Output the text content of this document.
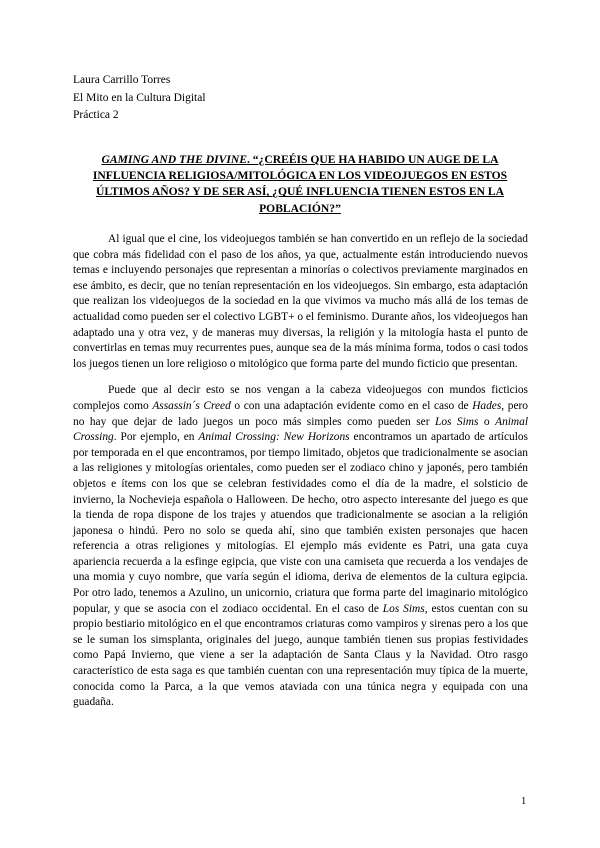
Laura Carrillo Torres
El Mito en la Cultura Digital
Práctica 2
GAMING AND THE DIVINE. “¿CREÉIS QUE HA HABIDO UN AUGE DE LA INFLUENCIA RELIGIOSA/MITOLÓGICA EN LOS VIDEOJUEGOS EN ESTOS ÚLTIMOS AÑOS? Y DE SER ASÍ, ¿QUÉ INFLUENCIA TIENEN ESTOS EN LA POBLACIÓN?”

Al igual que el cine, los videojuegos también se han convertido en un reflejo de la sociedad que cobra más fidelidad con el paso de los años, ya que, actualmente están introduciendo nuevos temas e incluyendo personajes que representan a minorías o colectivos previamente marginados en ese ámbito, es decir, que no tenían representación en los videojuegos. Sin embargo, esta adaptación que realizan los videojuegos de la sociedad en la que vivimos va mucho más allá de los temas de actualidad como pueden ser el colectivo LGBT+ o el feminismo. Durante años, los videojuegos han adaptado una y otra vez, y de maneras muy diversas, la religión y la mitología hasta el punto de convertirlas en temas muy recurrentes pues, aunque sea de la más mínima forma, todos o casi todos los juegos tienen un lore religioso o mitológico que forma parte del mundo ficticio que presentan.

Puede que al decir esto se nos vengan a la cabeza videojuegos con mundos ficticios complejos como Assassin´s Creed o con una adaptación evidente como en el caso de Hades, pero no hay que dejar de lado juegos un poco más simples como pueden ser Los Sims o Animal Crossing. Por ejemplo, en Animal Crossing: New Horizons encontramos un apartado de artículos por temporada en el que encontramos, por tiempo limitado, objetos que tradicionalmente se asocian a las religiones y mitologías orientales, como pueden ser el zodiaco chino y japonés, pero también objetos e ítems con los que se celebran festividades como el día de la madre, el solsticio de invierno, la Nochevieja española o Halloween. De hecho, otro aspecto interesante del juego es que la tienda de ropa dispone de los trajes y atuendos que tradicionalmente se asocian a la religión japonesa o hindú. Pero no solo se queda ahí, sino que también existen personajes que hacen referencia a otras religiones y mitologías. El ejemplo más evidente es Patri, una gata cuya apariencia recuerda a la esfinge egipcia, que viste con una camiseta que recuerda a los vendajes de una momia y cuyo nombre, que varía según el idioma, deriva de elementos de la cultura egipcia. Por otro lado, tenemos a Azulino, un unicornio, criatura que forma parte del imaginario mitológico popular, y que se asocia con el zodiaco occidental. En el caso de Los Sims, estos cuentan con su propio bestiario mitológico en el que encontramos criaturas como vampiros y sirenas pero a los que se le suman los simsplanta, originales del juego, aunque también tienen sus propias festividades como Papá Invierno, que viene a ser la adaptación de Santa Claus y la Navidad. Otro rasgo característico de esta saga es que también cuentan con una representación muy típica de la muerte, conocida como la Parca, a la que vemos ataviada con una túnica negra y equipada con una guadaña.

1
